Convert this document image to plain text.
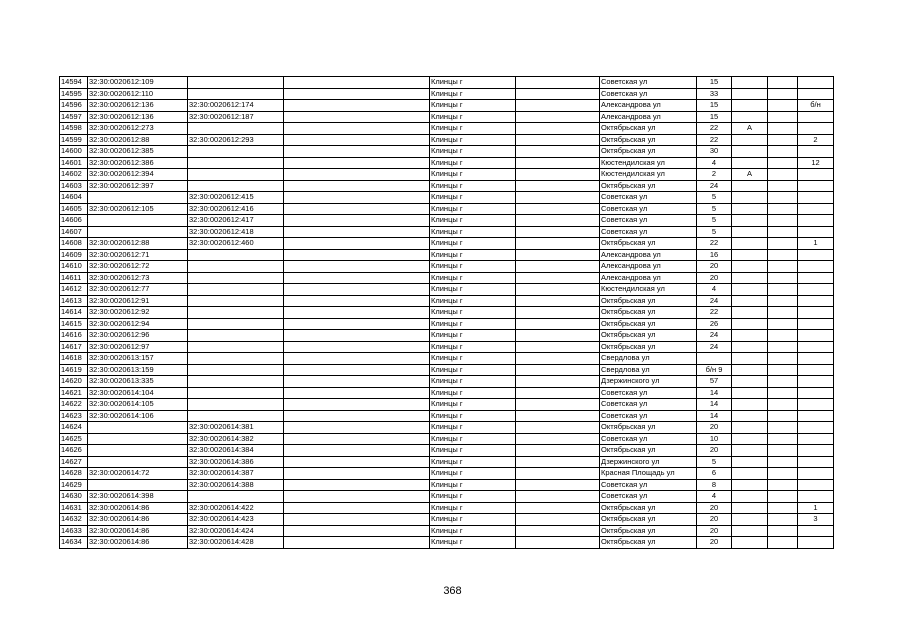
14594	32:30:0020612:109			Клинцы г		Советская ул	15			
14595	32:30:0020612:110			Клинцы г		Советская ул	33			
14596	32:30:0020612:136	32:30:0020612:174		Клинцы г		Александрова ул	15			б/н
14597	32:30:0020612:136	32:30:0020612:187		Клинцы г		Александрова ул	15			
14598	32:30:0020612:273			Клинцы г		Октябрьская ул	22	А		
14599	32:30:0020612:88	32:30:0020612:293		Клинцы г		Октябрьская ул	22			2
14600	32:30:0020612:385			Клинцы г		Октябрьская ул	30			
14601	32:30:0020612:386			Клинцы г		Кюстендилская ул	4			12
14602	32:30:0020612:394			Клинцы г		Кюстендилская ул	2	А		
14603	32:30:0020612:397			Клинцы г		Октябрьская ул	24			
14604		32:30:0020612:415		Клинцы г		Советская ул	5			
14605	32:30:0020612:105	32:30:0020612:416		Клинцы г		Советская ул	5			
14606		32:30:0020612:417		Клинцы г		Советская ул	5			
14607		32:30:0020612:418		Клинцы г		Советская ул	5			
14608	32:30:0020612:88	32:30:0020612:460		Клинцы г		Октябрьская ул	22			1
14609	32:30:0020612:71			Клинцы г		Александрова ул	16			
14610	32:30:0020612:72			Клинцы г		Александрова ул	20			
14611	32:30:0020612:73			Клинцы г		Александрова ул	20			
14612	32:30:0020612:77			Клинцы г		Кюстендилская ул	4			
14613	32:30:0020612:91			Клинцы г		Октябрьская ул	24			
14614	32:30:0020612:92			Клинцы г		Октябрьская ул	22			
14615	32:30:0020612:94			Клинцы г		Октябрьская ул	26			
14616	32:30:0020612:96			Клинцы г		Октябрьская ул	24			
14617	32:30:0020612:97			Клинцы г		Октябрьская ул	24			
14618	32:30:0020613:157			Клинцы г		Свердлова ул				
14619	32:30:0020613:159			Клинцы г		Свердлова ул	б/н 9			
14620	32:30:0020613:335			Клинцы г		Дзержинского ул	57			
14621	32:30:0020614:104			Клинцы г		Советская ул	14			
14622	32:30:0020614:105			Клинцы г		Советская ул	14			
14623	32:30:0020614:106			Клинцы г		Советская ул	14			
14624		32:30:0020614:381		Клинцы г		Октябрьская ул	20			
14625		32:30:0020614:382		Клинцы г		Советская ул	10			
14626		32:30:0020614:384		Клинцы г		Октябрьская ул	20			
14627		32:30:0020614:386		Клинцы г		Дзержинского ул	5			
14628	32:30:0020614:72	32:30:0020614:387		Клинцы г		Красная Площадь ул	6			
14629		32:30:0020614:388		Клинцы г		Советская ул	8			
14630	32:30:0020614:398			Клинцы г		Советская ул	4			
14631	32:30:0020614:86	32:30:0020614:422		Клинцы г		Октябрьская ул	20			1
14632	32:30:0020614:86	32:30:0020614:423		Клинцы г		Октябрьская ул	20			3
14633	32:30:0020614:86	32:30:0020614:424		Клинцы г		Октябрьская ул	20			
14634	32:30:0020614:86	32:30:0020614:428		Клинцы г		Октябрьская ул	20			
368
